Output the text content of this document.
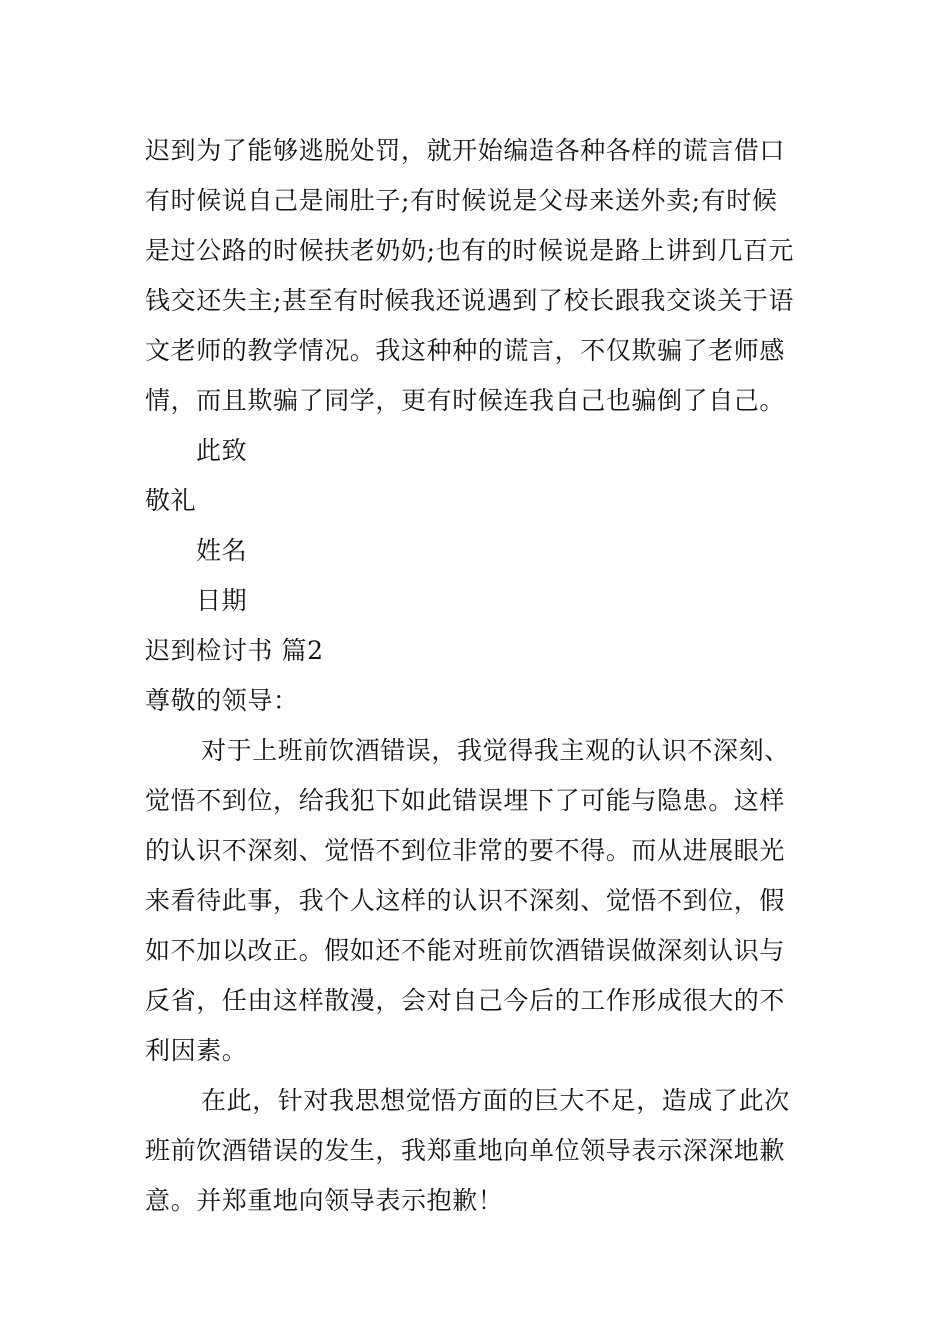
迟到为了能够逃脱处罚，就开始编造各种各样的谎言借口
有时候说自己是闹肚子;有时候说是父母来送外卖;有时候
是过公路的时候扶老奶奶;也有的时候说是路上讲到几百元
钱交还失主;甚至有时候我还说遇到了校长跟我交谈关于语
文老师的教学情况。我这种种的谎言，不仅欺骗了老师感
情，而且欺骗了同学，更有时候连我自己也骗倒了自己。
此致
敬礼
姓名
日期
迟到检讨书 篇2
尊敬的领导：
对于上班前饮酒错误，我觉得我主观的认识不深刻、
觉悟不到位，给我犯下如此错误埋下了可能与隐患。这样
的认识不深刻、觉悟不到位非常的要不得。而从进展眼光
来看待此事，我个人这样的认识不深刻、觉悟不到位，假
如不加以改正。假如还不能对班前饮酒错误做深刻认识与
反省，任由这样散漫，会对自己今后的工作形成很大的不
利因素。
在此，针对我思想觉悟方面的巨大不足，造成了此次
班前饮酒错误的发生，我郑重地向单位领导表示深深地歉
意。并郑重地向领导表示抱歉！
